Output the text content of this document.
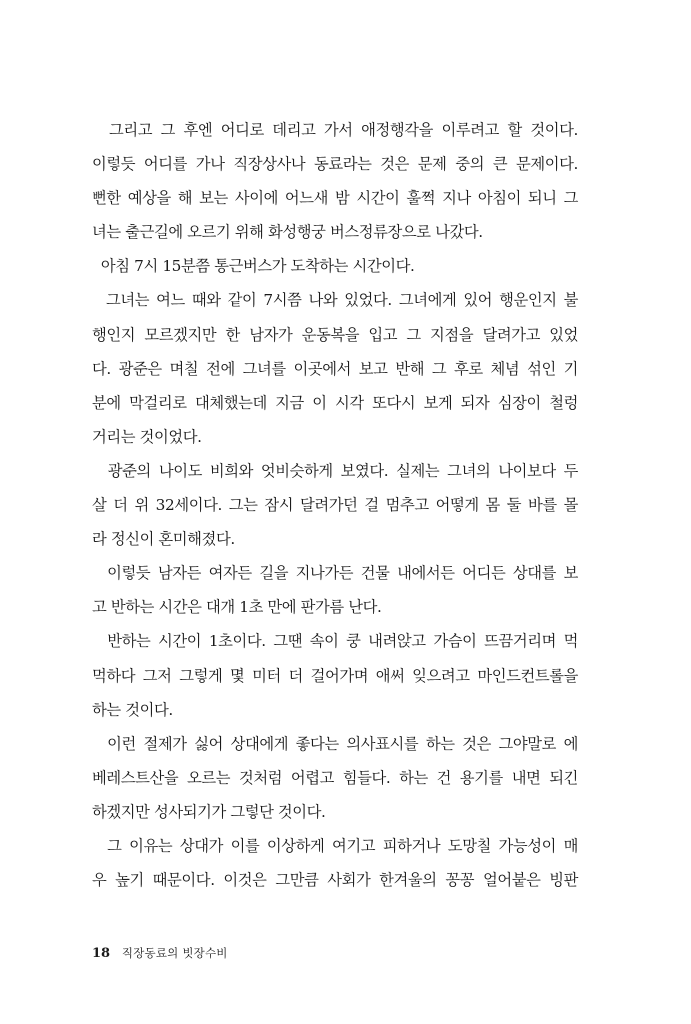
그리고 그 후엔 어디로 데리고 가서 애정행각을 이루려고 할 것이다.
이렇듯 어디를 가나 직장상사나 동료라는 것은 문제 중의 큰 문제이다.
뻔한 예상을 해 보는 사이에 어느새 밤 시간이 훌쩍 지나 아침이 되니 그
녀는 출근길에 오르기 위해 화성행궁 버스정류장으로 나갔다.
아침 7시 15분쯤 통근버스가 도착하는 시간이다.
그녀는 여느 때와 같이 7시쯤 나와 있었다. 그녀에게 있어 행운인지 불
행인지 모르겠지만 한 남자가 운동복을 입고 그 지점을 달려가고 있었
다. 광준은 며칠 전에 그녀를 이곳에서 보고 반해 그 후로 체념 섞인 기
분에 막걸리로 대체했는데 지금 이 시각 또다시 보게 되자 심장이 철렁
거리는 것이었다.
광준의 나이도 비희와 엇비슷하게 보였다. 실제는 그녀의 나이보다 두
살 더 위 32세이다. 그는 잠시 달려가던 걸 멈추고 어떻게 몸 둘 바를 몰
라 정신이 혼미해졌다.
이렇듯 남자든 여자든 길을 지나가든 건물 내에서든 어디든 상대를 보
고 반하는 시간은 대개 1초 만에 판가름 난다.
반하는 시간이 1초이다. 그땐 속이 쿵 내려앉고 가슴이 뜨끔거리며 먹
먹하다 그저 그렇게 몇 미터 더 걸어가며 애써 잊으려고 마인드컨트롤을
하는 것이다.
이런 절제가 싫어 상대에게 좋다는 의사표시를 하는 것은 그야말로 에
베레스트산을 오르는 것처럼 어렵고 힘들다. 하는 건 용기를 내면 되긴
하겠지만 성사되기가 그렇단 것이다.
그 이유는 상대가 이를 이상하게 여기고 피하거나 도망칠 가능성이 매
우 높기 때문이다. 이것은 그만큼 사회가 한겨울의 꽁꽁 얼어붙은 빙판
18 직장동료의 빗장수비
